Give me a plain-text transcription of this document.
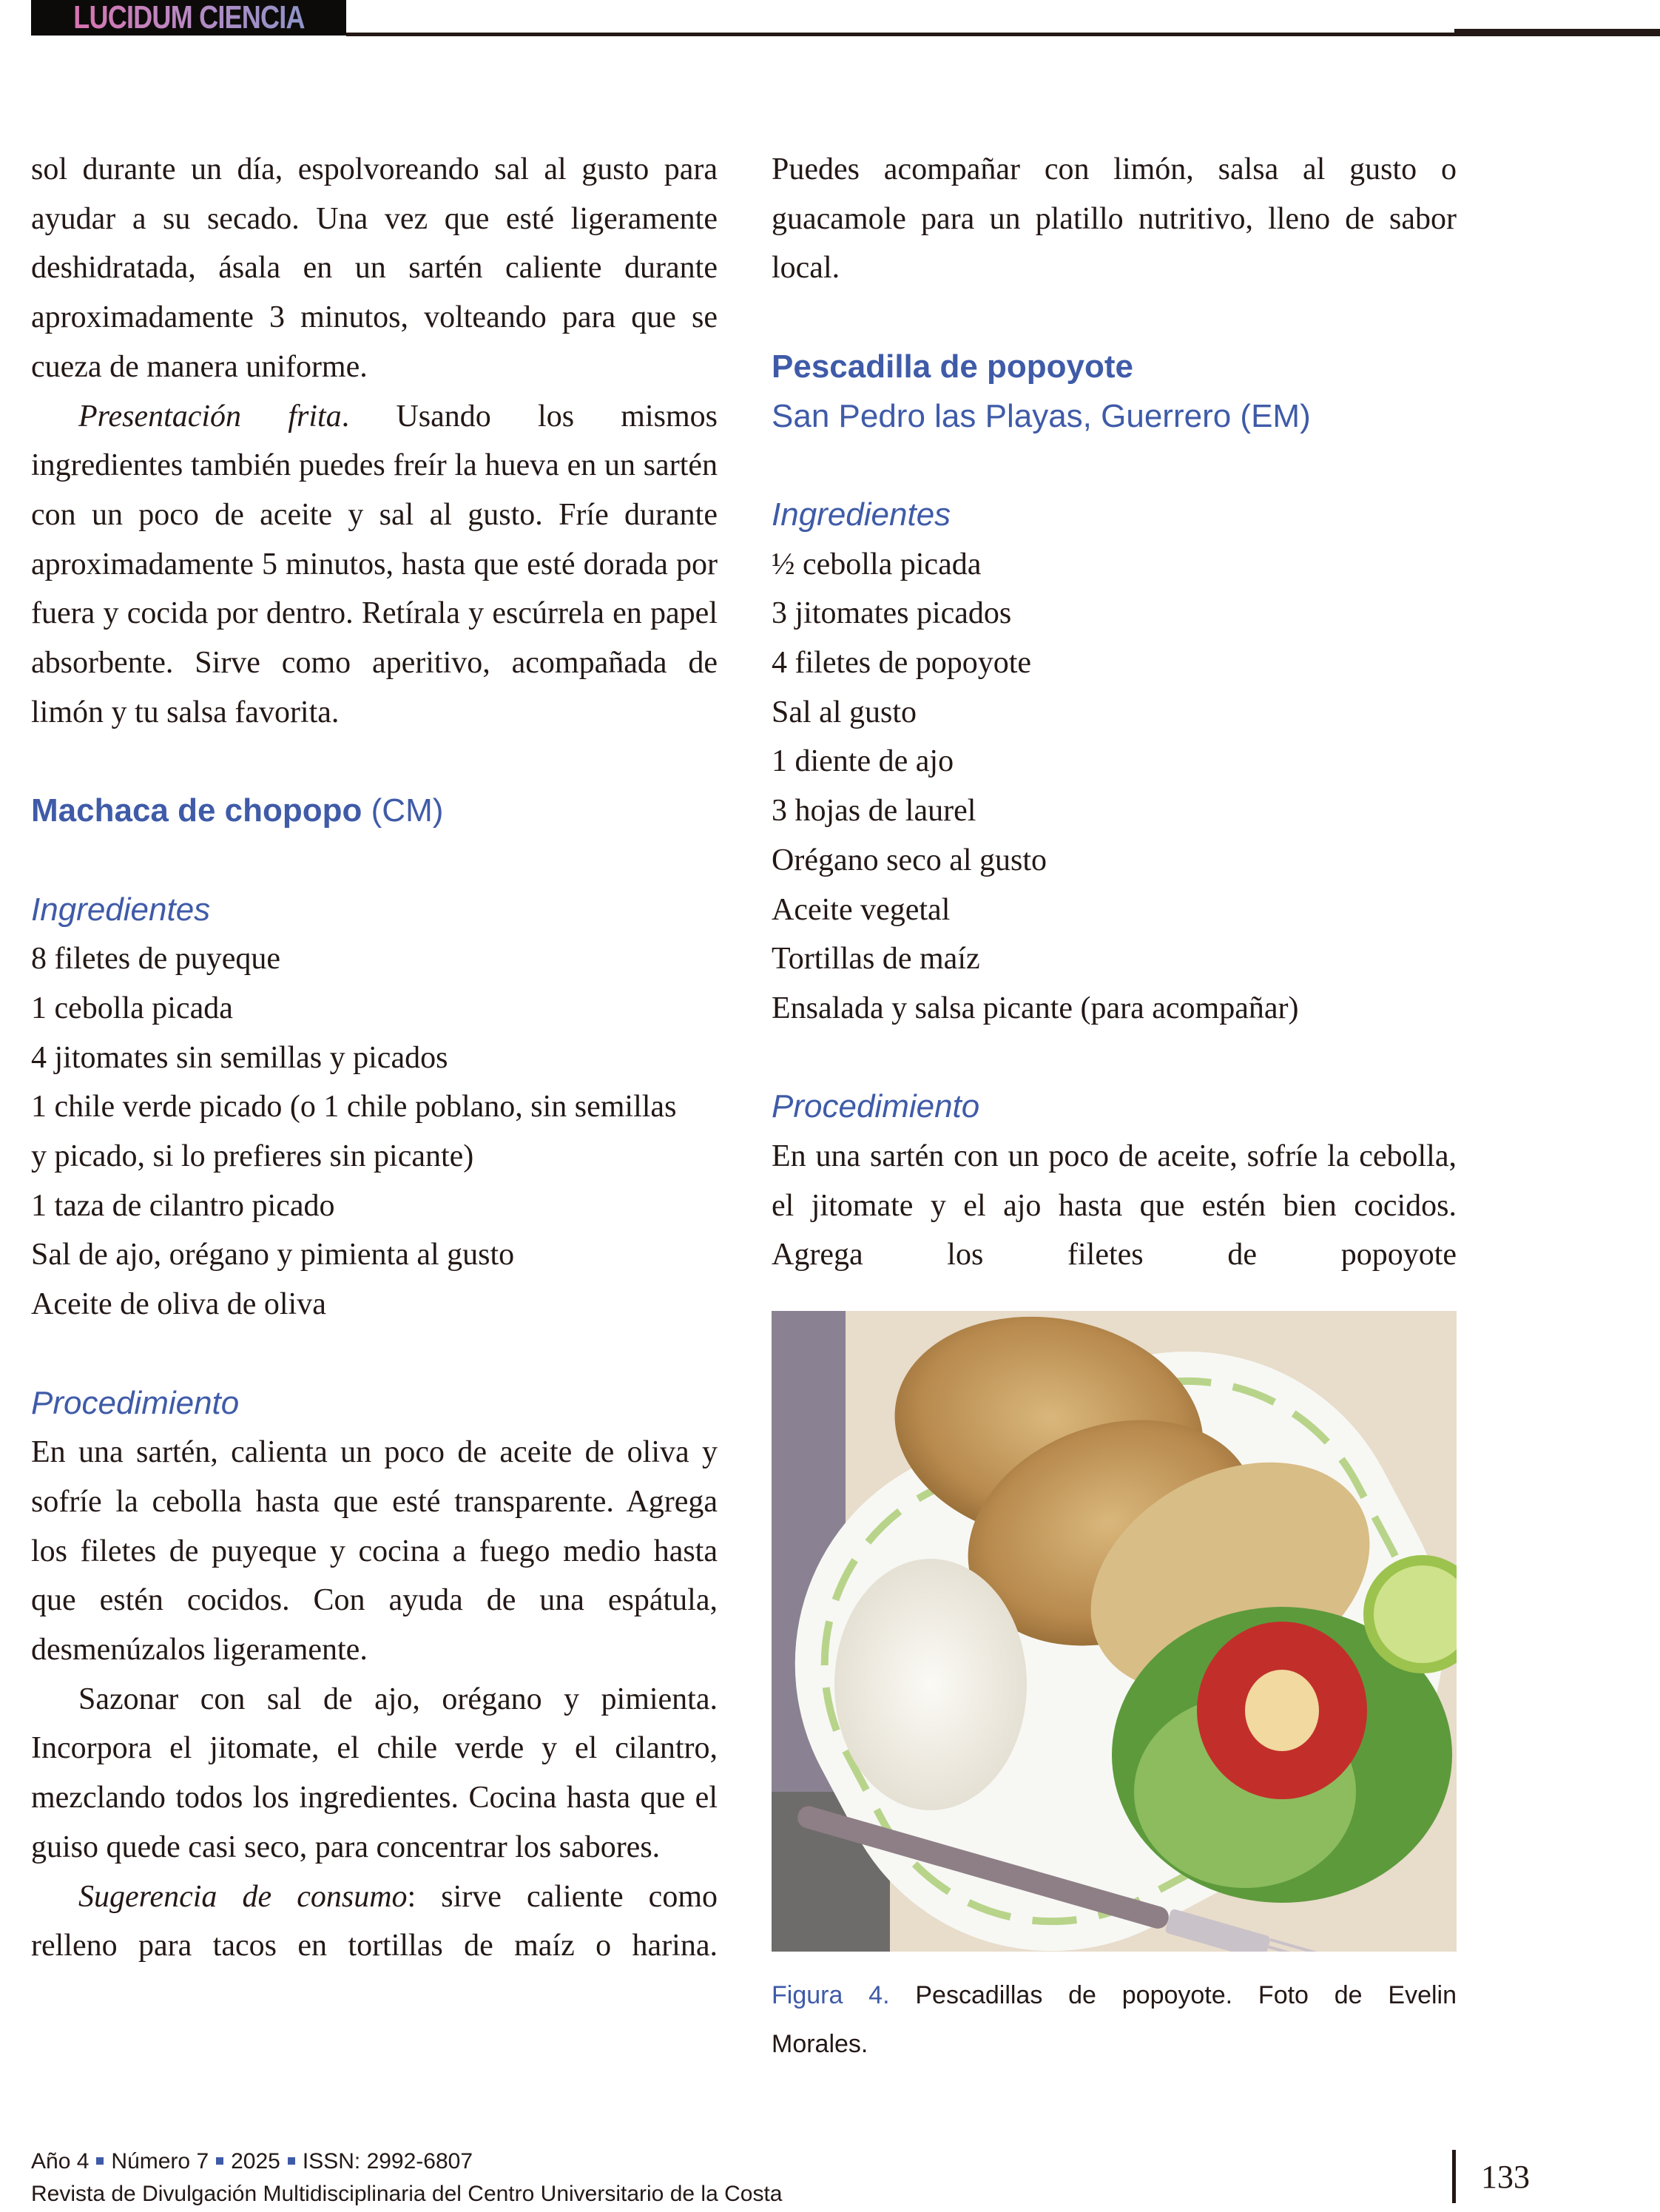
LUCIDUM CIENCIA

sol durante un día, espolvoreando sal al gusto para ayudar a su secado. Una vez que esté ligeramente deshidratada, ásala en un sartén caliente durante aproximadamente 3 minutos, volteando para que se cueza de manera uniforme.

Presentación frita. Usando los mismos ingredientes también puedes freír la hueva en un sartén con un poco de aceite y sal al gusto. Fríe durante aproximadamente 5 minutos, hasta que esté dorada por fuera y cocida por dentro. Retírala y escúrrela en papel absorbente. Sirve como aperitivo, acompañada de limón y tu salsa favorita.

Machaca de chopopo (CM)
Ingredientes
8 filetes de puyeque
1 cebolla picada
4 jitomates sin semillas y picados
1 chile verde picado (o 1 chile poblano, sin semillas y picado, si lo prefieres sin picante)
1 taza de cilantro picado
Sal de ajo, orégano y pimienta al gusto
Aceite de oliva de oliva
Procedimiento

En una sartén, calienta un poco de aceite de oliva y sofríe la cebolla hasta que esté transparente. Agrega los filetes de puyeque y cocina a fuego medio hasta que estén cocidos. Con ayuda de una espátula, desmenúzalos ligeramente.

Sazonar con sal de ajo, orégano y pimienta. Incorpora el jitomate, el chile verde y el cilantro, mezclando todos los ingredientes. Cocina hasta que el guiso quede casi seco, para concentrar los sabores.

Sugerencia de consumo: sirve caliente como relleno para tacos en tortillas de maíz o harina.

Puedes acompañar con limón, salsa al gusto o guacamole para un platillo nutritivo, lleno de sabor local.

Pescadilla de popoyote
San Pedro las Playas, Guerrero (EM)
Ingredientes
½ cebolla picada
3 jitomates picados
4 filetes de popoyote
Sal al gusto
1 diente de ajo
3 hojas de laurel
Orégano seco al gusto
Aceite vegetal
Tortillas de maíz
Ensalada y salsa picante (para acompañar)
Procedimiento

En una sartén con un poco de aceite, sofríe la cebolla, el jitomate y el ajo hasta que estén bien cocidos. Agrega los filetes de popoyote

Figura 4. Pescadillas de popoyote. Foto de Evelin Morales.

Año 4 Número 7 2025 ISSN: 2992-6807
Revista de Divulgación Multidisciplinaria del Centro Universitario de la Costa	133
